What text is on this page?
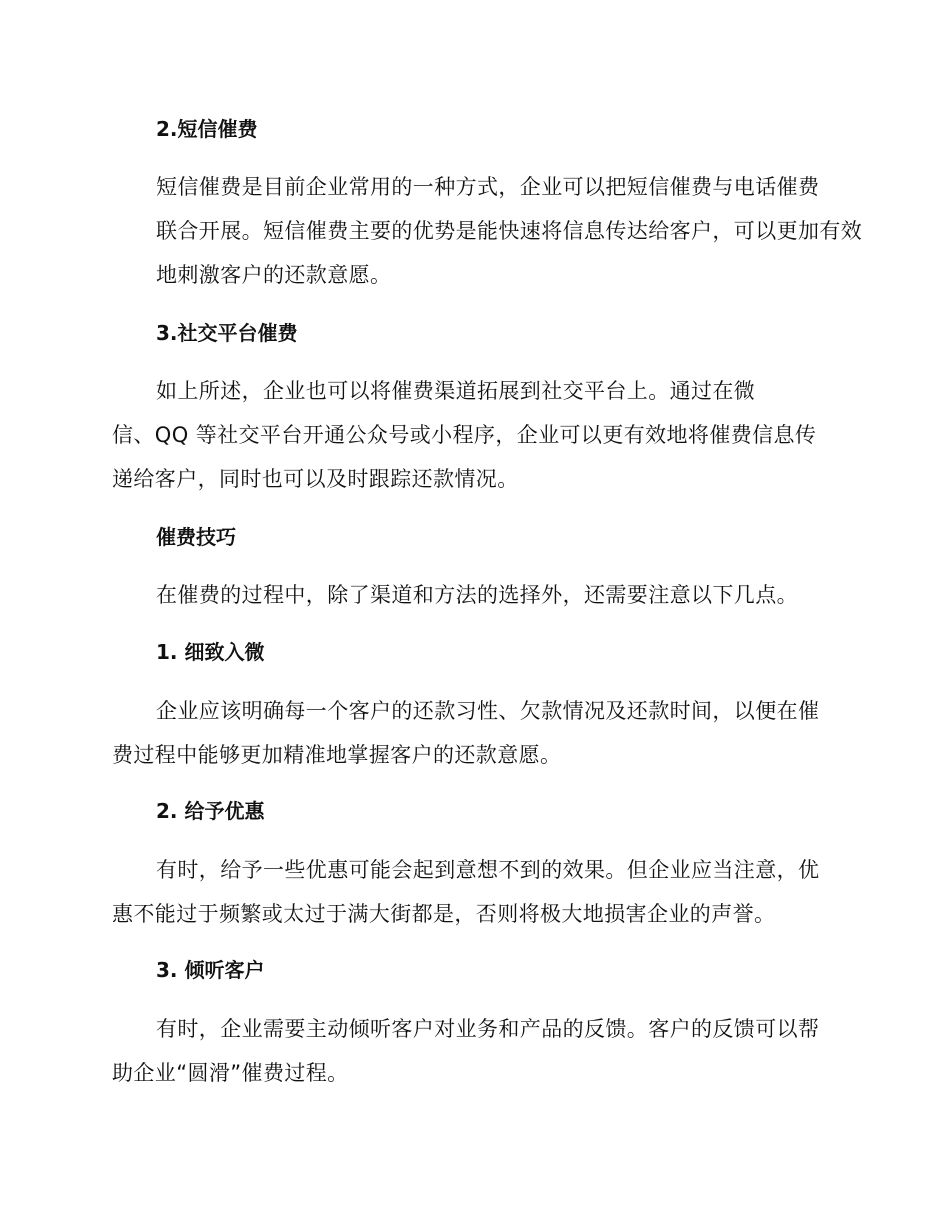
2.短信催费
短信催费是目前企业常用的一种方式，企业可以把短信催费与电话催费
联合开展。短信催费主要的优势是能快速将信息传达给客户，可以更加有效
地刺激客户的还款意愿。
3.社交平台催费
如上所述，企业也可以将催费渠道拓展到社交平台上。通过在微
信、QQ 等社交平台开通公众号或小程序，企业可以更有效地将催费信息传
递给客户，同时也可以及时跟踪还款情况。
催费技巧
在催费的过程中，除了渠道和方法的选择外，还需要注意以下几点。
1. 细致入微
企业应该明确每一个客户的还款习性、欠款情况及还款时间，以便在催
费过程中能够更加精准地掌握客户的还款意愿。
2. 给予优惠
有时，给予一些优惠可能会起到意想不到的效果。但企业应当注意，优
惠不能过于频繁或太过于满大街都是，否则将极大地损害企业的声誉。
3. 倾听客户
有时，企业需要主动倾听客户对业务和产品的反馈。客户的反馈可以帮
助企业“圆滑”催费过程。
